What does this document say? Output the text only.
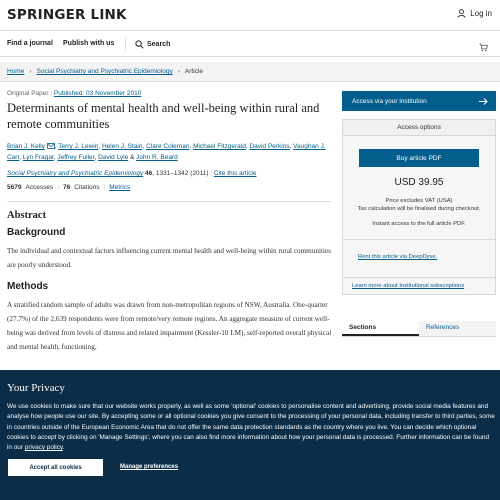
SPRINGER LINK	Log in
Find a journal Publish with us	Search
Home › Social Psychiatry and Psychiatric Epidemiology › Article
Original Paper | Published: 03 November 2010
Determinants of mental health and well-being within rural and remote communities
Brian J. Kelly , Terry J. Lewin, Helen J. Stain, Clare Coleman, Michael Fitzgerald, David Perkins, Vaughan J. Carr, Lyn Fragar, Jeffrey Fuller, David Lyle & John R. Beard
Social Psychiatry and Psychiatric Epidemiology 46, 1331–1342 (2011) | Cite this article
5679 Accesses | 76 Citations | Metrics
Abstract
Background

The individual and contextual factors influencing current mental health and well-being within rural communities are poorly understood.

Methods

A stratified random sample of adults was drawn from non-metropolitan regions of NSW, Australia. One-quarter (27.7%) of the 2,639 respondents were from remote/very remote regions. An aggregate measure of current well-being was derived from levels of distress and related impairment (Kessler-10 LM), self-reported overall physical and mental health, functioning,

Access via your institution
Access options
Buy article PDF
USD 39.95

Price excludes VAT (USA)

Tax calculation will be finalised during checkout.

Instant access to the full article PDF.
Rent this article via DeepDyve.
Learn more about Institutional subscriptions
Sections	References
Your Privacy
We use cookies to make sure that our website works properly, as well as some 'optional' cookies to personalise content and advertising, provide social media features and analyse how people use our site. By accepting some or all optional cookies you give consent to the processing of your personal data, including transfer to third parties, some in countries outside of the European Economic Area that do not offer the same data protection standards as the country where you live. You can decide which optional cookies to accept by clicking on 'Manage Settings', where you can also find more information about how your personal data is processed. Further information can be found in our privacy policy.
Accept all cookies	Manage preferences
